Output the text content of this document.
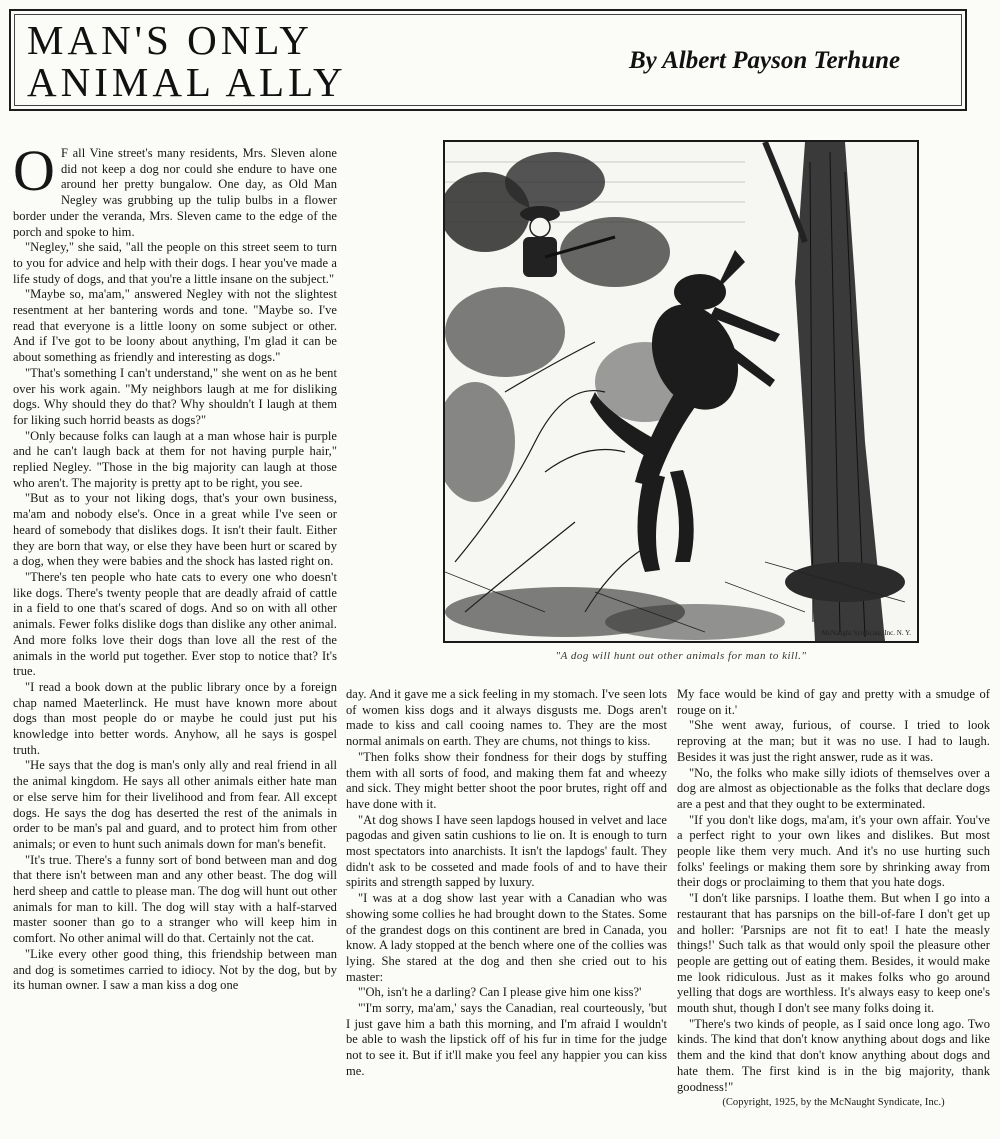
MAN'S ONLY
ANIMAL ALLY	By Albert Payson Terhune

O F all Vine street's many residents, Mrs. Sleven alone did not keep a dog nor could she endure to have one around her pretty bungalow. One day, as Old Man Negley was grubbing up the tulip bulbs in a flower border under the veranda, Mrs. Sleven came to the edge of the porch and spoke to him.

"Negley," she said, "all the people on this street seem to turn to you for advice and help with their dogs. I hear you've made a life study of dogs, and that you're a little insane on the subject."

"Maybe so, ma'am," answered Negley with not the slightest resentment at her bantering words and tone. "Maybe so. I've read that everyone is a little loony on some subject or other. And if I've got to be loony about anything, I'm glad it can be about something as friendly and interesting as dogs."

"That's something I can't understand," she went on as he bent over his work again. "My neighbors laugh at me for disliking dogs. Why should they do that? Why shouldn't I laugh at them for liking such horrid beasts as dogs?"

"Only because folks can laugh at a man whose hair is purple and he can't laugh back at them for not having purple hair," replied Negley. "Those in the big majority can laugh at those who aren't. The majority is pretty apt to be right, you see.

"But as to your not liking dogs, that's your own business, ma'am and nobody else's. Once in a great while I've seen or heard of somebody that dislikes dogs. It isn't their fault. Either they are born that way, or else they have been hurt or scared by a dog, when they were babies and the shock has lasted right on.

"There's ten people who hate cats to every one who doesn't like dogs. There's twenty people that are deadly afraid of cattle in a field to one that's scared of dogs. And so on with all other animals. Fewer folks dislike dogs than dislike any other animal. And more folks love their dogs than love all the rest of the animals in the world put together. Ever stop to notice that? It's true.

"I read a book down at the public library once by a foreign chap named Maeterlinck. He must have known more about dogs than most people do or maybe he could just put his knowledge into better words. Anyhow, all he says is gospel truth.

"He says that the dog is man's only ally and real friend in all the animal kingdom. He says all other animals either hate man or else serve him for their livelihood and from fear. All except dogs. He says the dog has deserted the rest of the animals in order to be man's pal and guard, and to protect him from other animals; or even to hunt such animals down for man's benefit.

"It's true. There's a funny sort of bond between man and dog that there isn't between man and any other beast. The dog will herd sheep and cattle to please man. The dog will hunt out other animals for man to kill. The dog will stay with a half-starved master sooner than go to a stranger who will keep him in comfort. No other animal will do that. Certainly not the cat.

"Like every other good thing, this friendship between man and dog is sometimes carried to idiocy. Not by the dog, but by its human owner. I saw a man kiss a dog one

McNaught Syndicate, Inc. N. Y.
"A dog will hunt out other animals for man to kill."

day. And it gave me a sick feeling in my stomach. I've seen lots of women kiss dogs and it always disgusts me. Dogs aren't made to kiss and call cooing names to. They are the most normal animals on earth. They are chums, not things to kiss.

"Then folks show their fondness for their dogs by stuffing them with all sorts of food, and making them fat and wheezy and sick. They might better shoot the poor brutes, right off and have done with it.

"At dog shows I have seen lapdogs housed in velvet and lace pagodas and given satin cushions to lie on. It is enough to turn most spectators into anarchists. It isn't the lapdogs' fault. They didn't ask to be cosseted and made fools of and to have their spirits and strength sapped by luxury.

"I was at a dog show last year with a Canadian who was showing some collies he had brought down to the States. Some of the grandest dogs on this continent are bred in Canada, you know. A lady stopped at the bench where one of the collies was lying. She stared at the dog and then she cried out to his master:

"'Oh, isn't he a darling? Can I please give him one kiss?'

"'I'm sorry, ma'am,' says the Canadian, real courteously, 'but I just gave him a bath this morning, and I'm afraid I wouldn't be able to wash the lipstick off of his fur in time for the judge not to see it. But if it'll make you feel any happier you can kiss me.

My face would be kind of gay and pretty with a smudge of rouge on it.'

"She went away, furious, of course. I tried to look reproving at the man; but it was no use. I had to laugh. Besides it was just the right answer, rude as it was.

"No, the folks who make silly idiots of themselves over a dog are almost as objectionable as the folks that declare dogs are a pest and that they ought to be exterminated.

"If you don't like dogs, ma'am, it's your own affair. You've a perfect right to your own likes and dislikes. But most people like them very much. And it's no use hurting such folks' feelings or making them sore by shrinking away from their dogs or proclaiming to them that you hate dogs.

"I don't like parsnips. I loathe them. But when I go into a restaurant that has parsnips on the bill-of-fare I don't get up and holler: 'Parsnips are not fit to eat! I hate the measly things!' Such talk as that would only spoil the pleasure other people are getting out of eating them. Besides, it would make me look ridiculous. Just as it makes folks who go around yelling that dogs are worthless. It's always easy to keep one's mouth shut, though I don't see many folks doing it.

"There's two kinds of people, as I said once long ago. Two kinds. The kind that don't know anything about dogs and like them and the kind that don't know anything about dogs and hate them. The first kind is in the big majority, thank goodness!"

(Copyright, 1925, by the McNaught Syndicate, Inc.)
